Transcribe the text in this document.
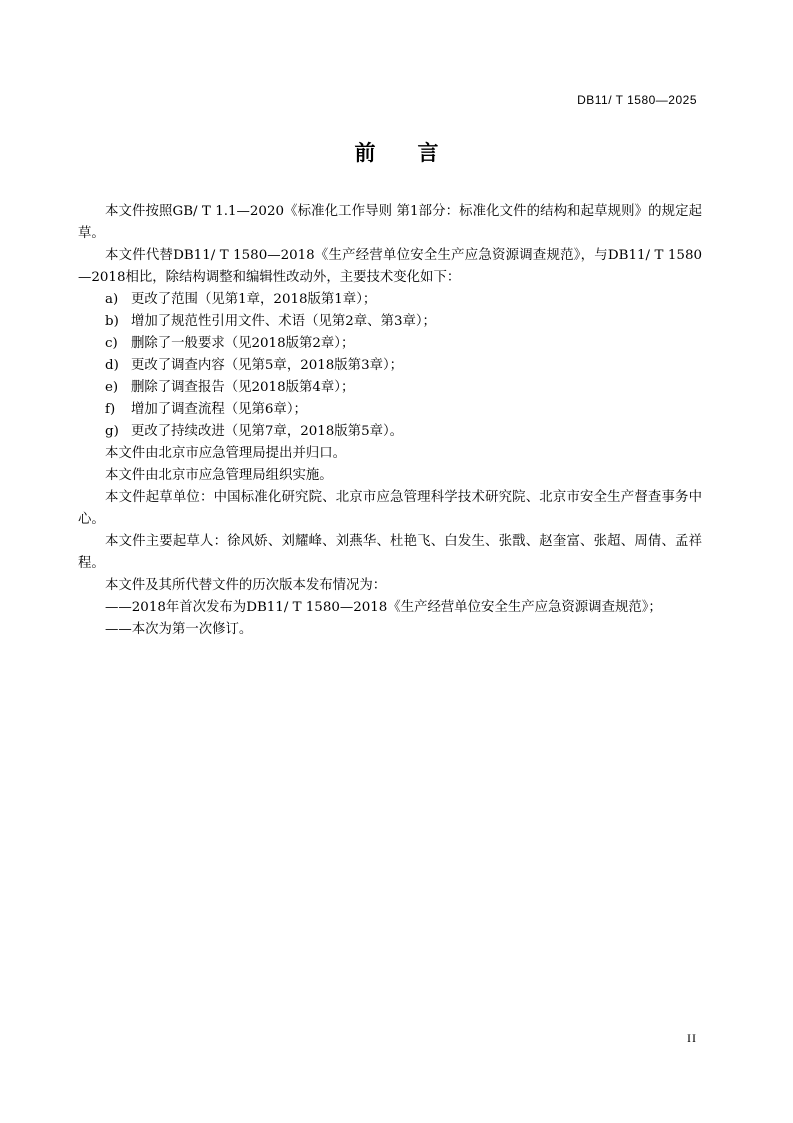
DB11/ T 1580—2025
前 言

本文件按照GB/ T 1.1—2020《标准化工作导则 第1部分：标准化文件的结构和起草规则》的规定起草。

本文件代替DB11/ T 1580—2018《生产经营单位安全生产应急资源调查规范》，与DB11/ T 1580—2018相比，除结构调整和编辑性改动外，主要技术变化如下：

a) 更改了范围（见第1章，2018版第1章）；

b) 增加了规范性引用文件、术语（见第2章、第3章）；

c) 删除了一般要求（见2018版第2章）；

d) 更改了调查内容（见第5章，2018版第3章）；

e) 删除了调查报告（见2018版第4章）；

f) 增加了调查流程（见第6章）；

g) 更改了持续改进（见第7章，2018版第5章）。

本文件由北京市应急管理局提出并归口。

本文件由北京市应急管理局组织实施。

本文件起草单位：中国标准化研究院、北京市应急管理科学技术研究院、北京市安全生产督查事务中心。

本文件主要起草人：徐风娇、刘耀峰、刘燕华、杜艳飞、白发生、张戬、赵奎富、张超、周倩、孟祥程。

本文件及其所代替文件的历次版本发布情况为：

——2018年首次发布为DB11/ T 1580—2018《生产经营单位安全生产应急资源调查规范》；

——本次为第一次修订。

II
